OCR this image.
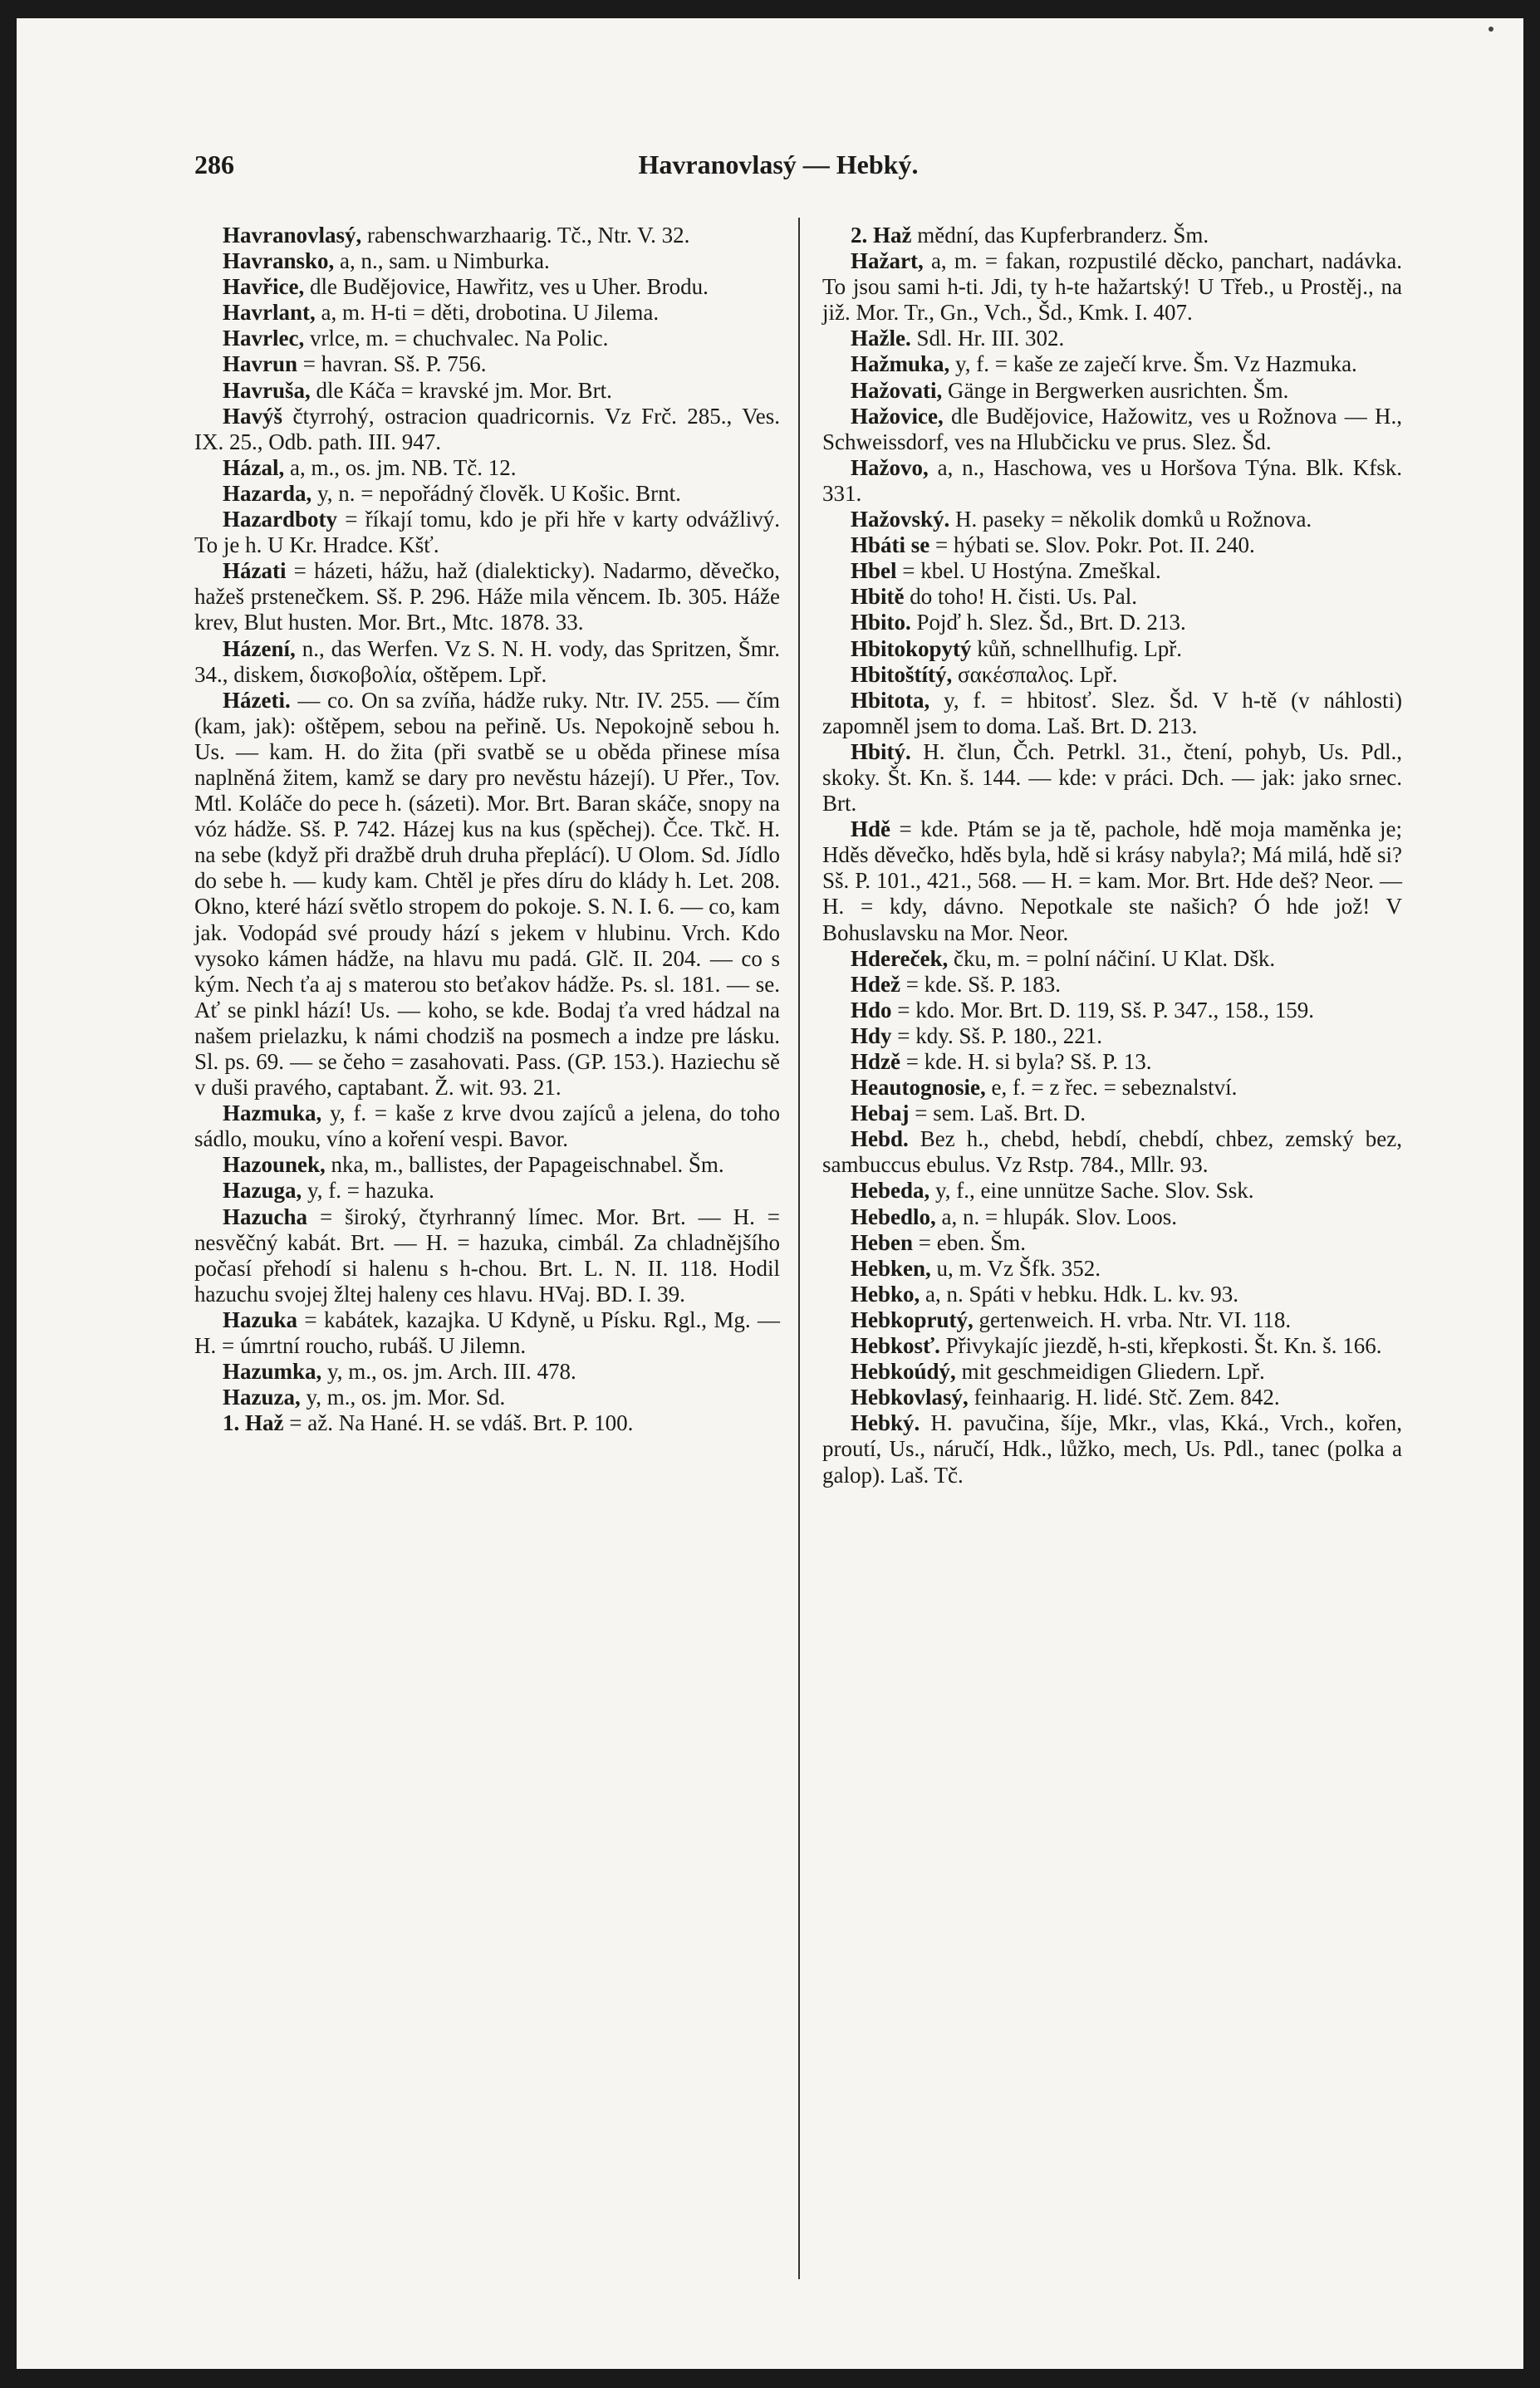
Havranovlasý — Hebký.
286

Havranovlasý, rabenschwarzhaarig. Tč., Ntr. V. 32.

Havransko, a, n., sam. u Nimburka.

Havřice, dle Budějovice, Hawřitz, ves u Uher. Brodu.

Havrlant, a, m. H-ti = děti, drobotina. U Jilema.

Havrlec, vrlce, m. = chuchvalec. Na Polic.

Havrun = havran. Sš. P. 756.

Havruša, dle Káča = kravské jm. Mor. Brt.

Havýš čtyrrohý, ostracion quadricornis. Vz Frč. 285., Ves. IX. 25., Odb. path. III. 947.

Házal, a, m., os. jm. NB. Tč. 12.

Hazarda, y, n. = nepořádný člověk. U Košic. Brnt.

Hazardboty = říkají tomu, kdo je při hře v karty odvážlivý. To je h. U Kr. Hradce. Kšť.

Házati = házeti, hážu, haž (dialekticky). Nadarmo, děvečko, hažeš prstenečkem. Sš. P. 296. Háže mila věncem. Ib. 305. Háže krev, Blut husten. Mor. Brt., Mtc. 1878. 33.

Házení, n., das Werfen. Vz S. N. H. vody, das Spritzen, Šmr. 34., diskem, δισκοβολία, oštěpem. Lpř.

Házeti. — co. On sa zvíňa, hádže ruky. Ntr. IV. 255. — čím (kam, jak): oštěpem, sebou na peřině. Us. Nepokojně sebou h. Us. — kam. H. do žita (při svatbě se u oběda přinese mísa naplněná žitem, kamž se dary pro nevěstu házejí). U Přer., Tov. Mtl. Koláče do pece h. (sázeti). Mor. Brt. Baran skáče, snopy na vóz hádže. Sš. P. 742. Házej kus na kus (spěchej). Čce. Tkč. H. na sebe (když při dražbě druh druha přeplácí). U Olom. Sd. Jídlo do sebe h. — kudy kam. Chtěl je přes díru do klády h. Let. 208. Okno, které hází světlo stropem do pokoje. S. N. I. 6. — co, kam jak. Vodopád své proudy hází s jekem v hlubinu. Vrch. Kdo vysoko kámen hádže, na hlavu mu padá. Glč. II. 204. — co s kým. Nech ťa aj s materou sto beťakov hádže. Ps. sl. 181. — se. Ať se pinkl hází! Us. — koho, se kde. Bodaj ťa vred hádzal na našem prielazku, k námi chodziš na posmech a indze pre lásku. Sl. ps. 69. — se čeho = zasahovati. Pass. (GP. 153.). Haziechu sě v duši pravého, captabant. Ž. wit. 93. 21.

Hazmuka, y, f. = kaše z krve dvou zajíců a jelena, do toho sádlo, mouku, víno a koření vespi. Bavor.

Hazounek, nka, m., ballistes, der Papageischnabel. Šm.

Hazuga, y, f. = hazuka.

Hazucha = široký, čtyrhranný límec. Mor. Brt. — H. = nesvěčný kabát. Brt. — H. = hazuka, cimbál. Za chladnějšího počasí přehodí si halenu s h-chou. Brt. L. N. II. 118. Hodil hazuchu svojej žltej haleny ces hlavu. HVaj. BD. I. 39.

Hazuka = kabátek, kazajka. U Kdyně, u Písku. Rgl., Mg. — H. = úmrtní roucho, rubáš. U Jilemn.

Hazumka, y, m., os. jm. Arch. III. 478.

Hazuza, y, m., os. jm. Mor. Sd.

1. Haž = až. Na Hané. H. se vdáš. Brt. P. 100.

2. Haž mědní, das Kupferbranderz. Šm.

Hažart, a, m. = fakan, rozpustilé děcko, panchart, nadávka. To jsou sami h-ti. Jdi, ty h-te hažartský! U Třeb., u Prostěj., na již. Mor. Tr., Gn., Vch., Šd., Kmk. I. 407.

Hažle. Sdl. Hr. III. 302.

Hažmuka, y, f. = kaše ze zaječí krve. Šm. Vz Hazmuka.

Hažovati, Gänge in Bergwerken ausrichten. Šm.

Hažovice, dle Budějovice, Hažowitz, ves u Rožnova — H., Schweissdorf, ves na Hlubčicku ve prus. Slez. Šd.

Hažovo, a, n., Haschowa, ves u Horšova Týna. Blk. Kfsk. 331.

Hažovský. H. paseky = několik domků u Rožnova.

Hbáti se = hýbati se. Slov. Pokr. Pot. II. 240.

Hbel = kbel. U Hostýna. Zmeškal.

Hbitě do toho! H. čisti. Us. Pal.

Hbito. Pojď h. Slez. Šd., Brt. D. 213.

Hbitokopytý kůň, schnellhufig. Lpř.

Hbitoštítý, σακέσπαλος. Lpř.

Hbitota, y, f. = hbitosť. Slez. Šd. V h-tě (v náhlosti) zapomněl jsem to doma. Laš. Brt. D. 213.

Hbitý. H. člun, Čch. Petrkl. 31., čtení, pohyb, Us. Pdl., skoky. Št. Kn. š. 144. — kde: v práci. Dch. — jak: jako srnec. Brt.

Hdě = kde. Ptám se ja tě, pachole, hdě moja maměnka je; Hděs děvečko, hděs byla, hdě si krásy nabyla?; Má milá, hdě si? Sš. P. 101., 421., 568. — H. = kam. Mor. Brt. Hde deš? Neor. — H. = kdy, dávno. Nepotkale ste našich? Ó hde jož! V Bohuslavsku na Mor. Neor.

Hdereček, čku, m. = polní náčiní. U Klat. Dšk.

Hdež = kde. Sš. P. 183.

Hdo = kdo. Mor. Brt. D. 119, Sš. P. 347., 158., 159.

Hdy = kdy. Sš. P. 180., 221.

Hdzě = kde. H. si byla? Sš. P. 13.

Heautognosie, e, f. = z řec. = sebeznalství.

Hebaj = sem. Laš. Brt. D.

Hebd. Bez h., chebd, hebdí, chebdí, chbez, zemský bez, sambuccus ebulus. Vz Rstp. 784., Mllr. 93.

Hebeda, y, f., eine unnütze Sache. Slov. Ssk.

Hebedlo, a, n. = hlupák. Slov. Loos.

Heben = eben. Šm.

Hebken, u, m. Vz Šfk. 352.

Hebko, a, n. Spáti v hebku. Hdk. L. kv. 93.

Hebkoprutý, gertenweich. H. vrba. Ntr. VI. 118.

Hebkosť. Přivykajíc jiezdě, h-sti, křepkosti. Št. Kn. š. 166.

Hebkoúdý, mit geschmeidigen Gliedern. Lpř.

Hebkovlasý, feinhaarig. H. lidé. Stč. Zem. 842.

Hebký. H. pavučina, šíje, Mkr., vlas, Kká., Vrch., kořen, proutí, Us., náručí, Hdk., lůžko, mech, Us. Pdl., tanec (polka a galop). Laš. Tč.
